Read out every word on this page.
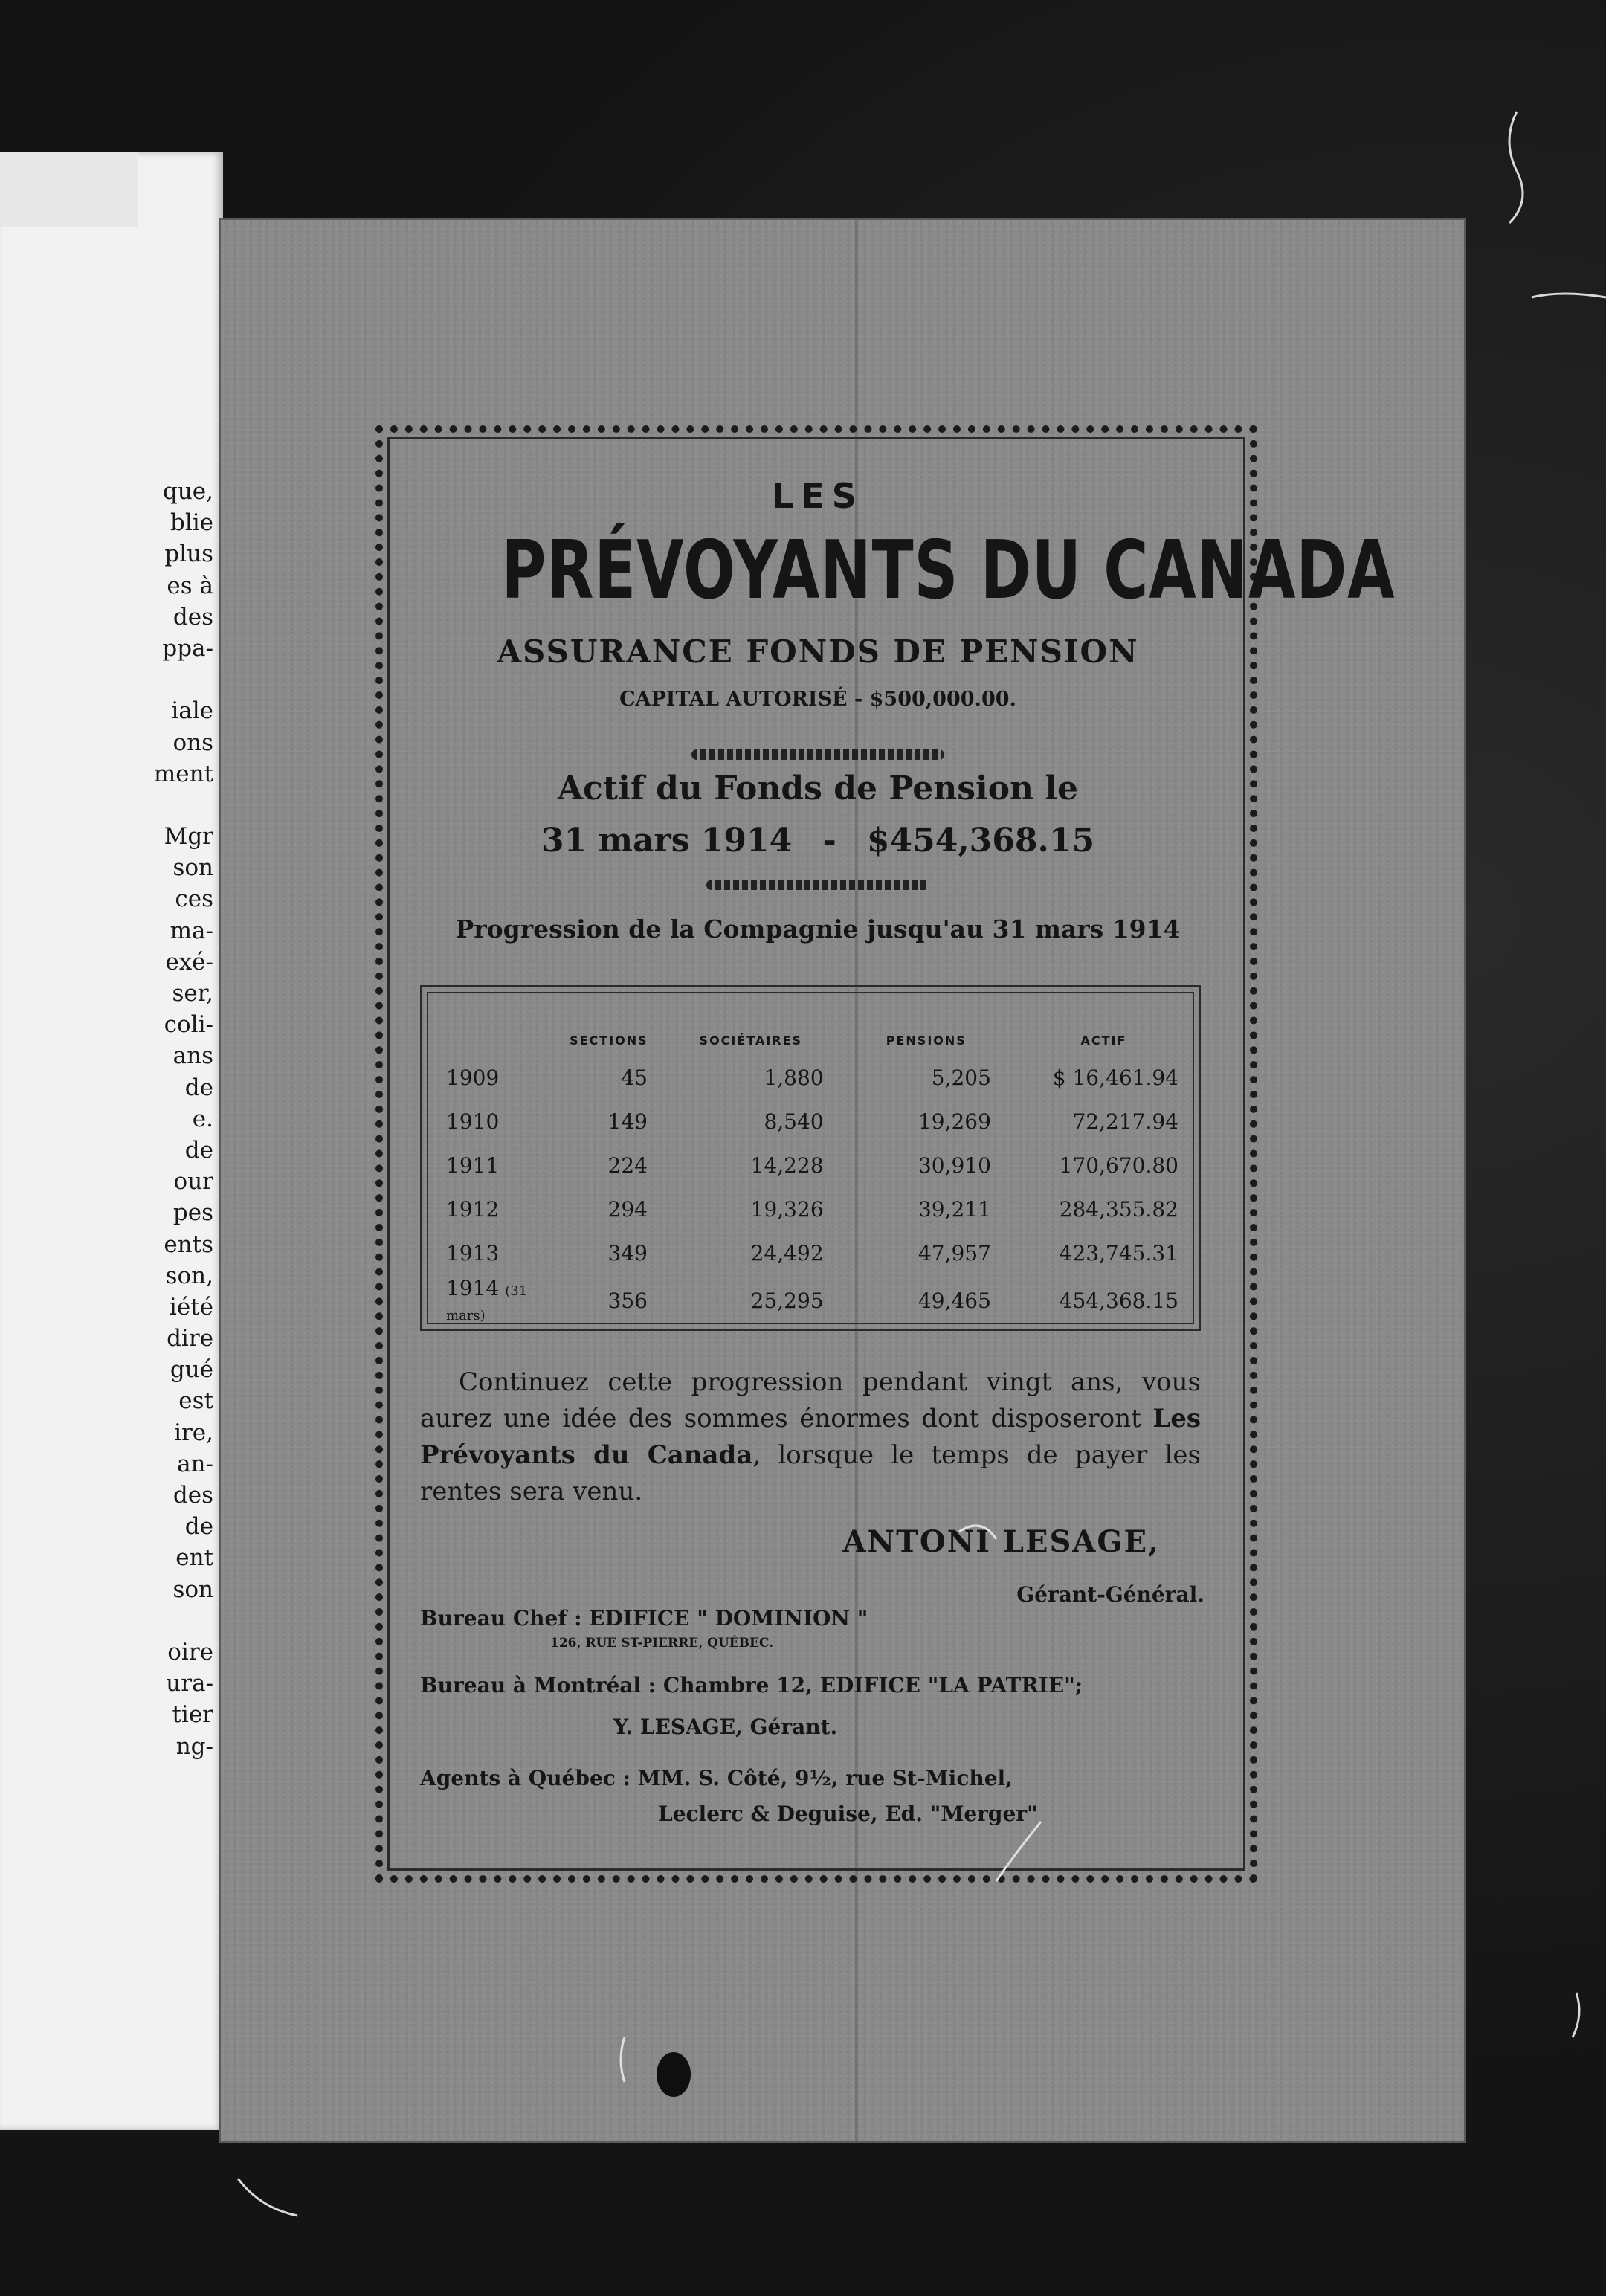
que,
blie
plus
es à
des
ppa-
iale
ons
ment
Mgr
son
ces
ma-
exé-
ser,
coli-
ans
de
e.
de
our
pes
ents
son,
iété
dire
gué
est
ire,
an-
des
de
ent
son
oire
ura-
tier
ng-
LES
PRÉVOYANTS DU CANADA
ASSURANCE FONDS DE PENSION
CAPITAL AUTORISÉ - $500,000.00.
Actif du Fonds de Pension le
31 mars 1914 - $454,368.15
Progression de la Compagnie jusqu'au 31 mars 1914
	SECTIONS	SOCIÉTAIRES	PENSIONS	ACTIF
1909	45	1,880	5,205	$ 16,461.94
1910	149	8,540	19,269	72,217.94
1911	224	14,228	30,910	170,670.80
1912	294	19,326	39,211	284,355.82
1913	349	24,492	47,957	423,745.31
1914 (31 mars)	356	25,295	49,465	454,368.15
Continuez cette progression pendant vingt ans, vous aurez une idée des sommes énormes dont disposeront Les Prévoyants du Canada, lorsque le temps de payer les rentes sera venu.
ANTONI LESAGE,
Gérant-Général.
Bureau Chef : EDIFICE " DOMINION "
126, RUE ST-PIERRE, QUÉBEC.
Bureau à Montréal : Chambre 12, EDIFICE "LA PATRIE";
Y. LESAGE, Gérant.
Agents à Québec : MM. S. Côté, 9½, rue St-Michel,
Leclerc & Deguise, Ed. "Merger"
